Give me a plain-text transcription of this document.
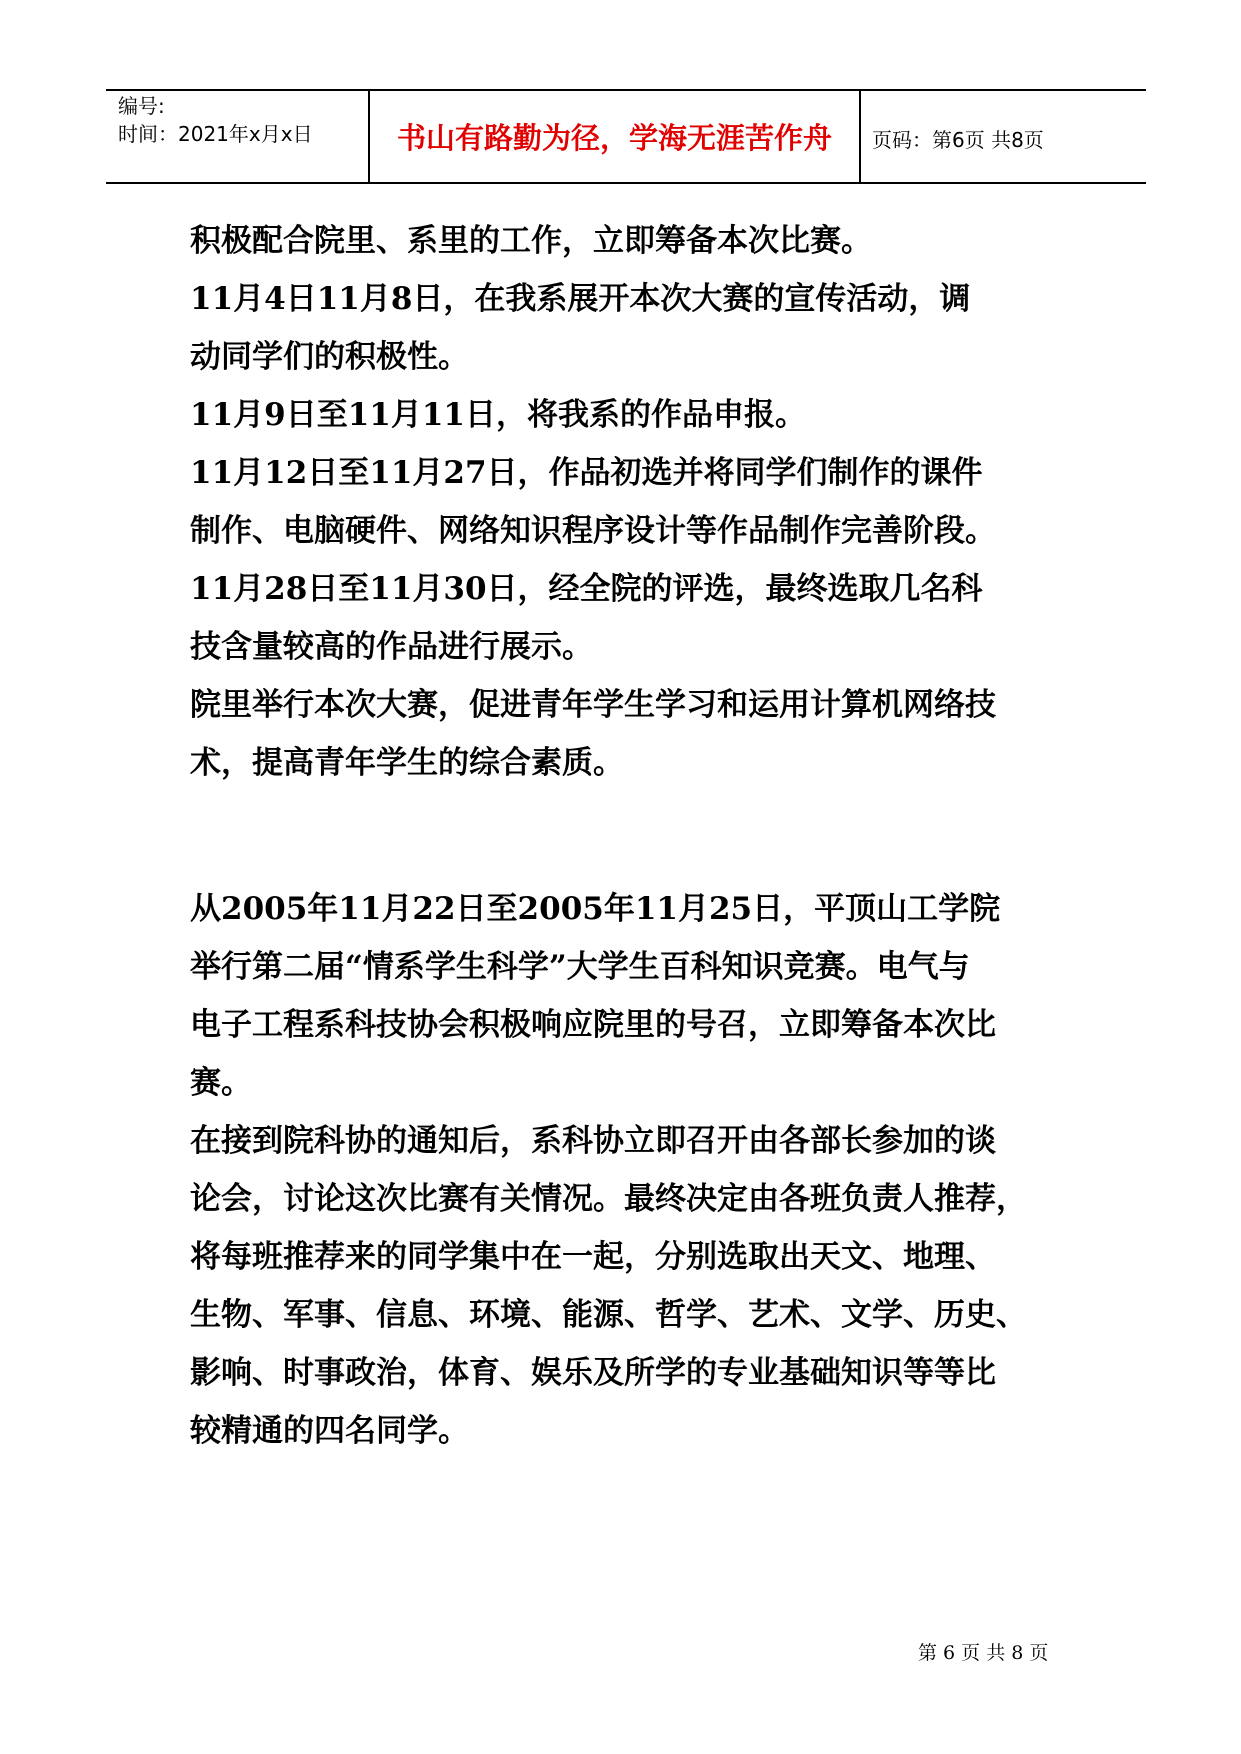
编号:
时间：2021年x月x日	书山有路勤为径，学海无涯苦作舟	页码：第6页 共8页
积极配合院里、系里的工作，立即筹备本次比赛。
11月4日11月8日，在我系展开本次大赛的宣传活动，调
动同学们的积极性。
11月9日至11月11日，将我系的作品申报。
11月12日至11月27日，作品初选并将同学们制作的课件
制作、电脑硬件、网络知识程序设计等作品制作完善阶段。
11月28日至11月30日，经全院的评选，最终选取几名科
技含量较高的作品进行展示。
院里举行本次大赛，促进青年学生学习和运用计算机网络技
术，提高青年学生的综合素质。
从2005年11月22日至2005年11月25日，平顶山工学院
举行第二届“情系学生科学”大学生百科知识竞赛。电气与
电子工程系科技协会积极响应院里的号召，立即筹备本次比
赛。
在接到院科协的通知后，系科协立即召开由各部长参加的谈
论会，讨论这次比赛有关情况。最终决定由各班负责人推荐，
将每班推荐来的同学集中在一起，分别选取出天文、地理、
生物、军事、信息、环境、能源、哲学、艺术、文学、历史、
影响、时事政治，体育、娱乐及所学的专业基础知识等等比
较精通的四名同学。
第 6 页 共 8 页
